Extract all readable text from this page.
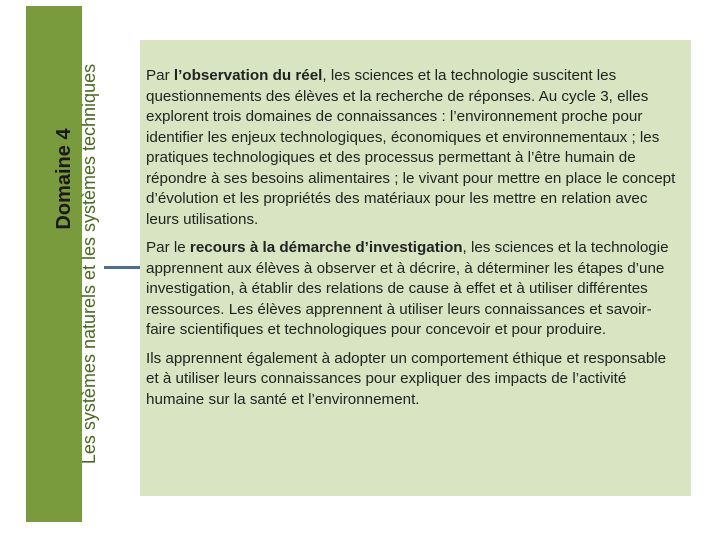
Domaine 4 Les systèmes naturels et les systèmes techniques	Par l’observation du réel, les sciences et la technologie suscitent les questionnements des élèves et la recherche de réponses. Au cycle 3, elles explorent trois domaines de connaissances : l’environnement proche pour identifier les enjeux technologiques, économiques et environnementaux ; les pratiques technologiques et des processus permettant à l’être humain de répondre à ses besoins alimentaires ; le vivant pour mettre en place le concept d’évolution et les propriétés des matériaux pour les mettre en relation avec leurs utilisations.

Par le recours à la démarche d’investigation, les sciences et la technologie apprennent aux élèves à observer et à décrire, à déterminer les étapes d’une investigation, à établir des relations de cause à effet et à utiliser différentes ressources. Les élèves apprennent à utiliser leurs connaissances et savoir-faire scientifiques et technologiques pour concevoir et pour produire.

Ils apprennent également à adopter un comportement éthique et responsable et à utiliser leurs connaissances pour expliquer des impacts de l’activité humaine sur la santé et l’environnement.
